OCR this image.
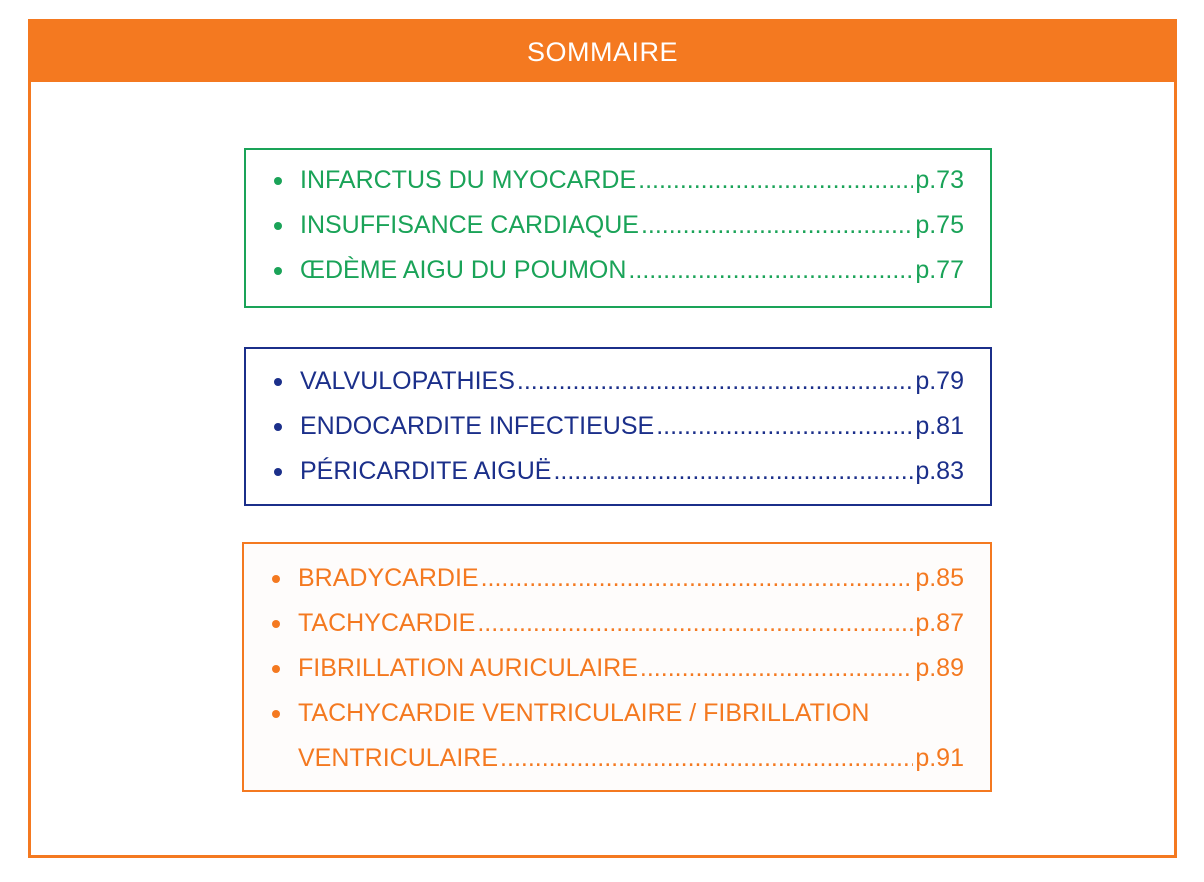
SOMMAIRE
INFARCTUS DU MYOCARDE .....	p.73
INSUFFISANCE CARDIAQUE .....	p.75
ŒDÈME AIGU DU POUMON .....	p.77
VALVULOPATHIES .....	p.79
ENDOCARDITE INFECTIEUSE .....	p.81
PÉRICARDITE AIGUË .....	p.83
BRADYCARDIE .....	p.85
TACHYCARDIE .....	p.87
FIBRILLATION AURICULAIRE .....	p.89
TACHYCARDIE VENTRICULAIRE / FIBRILLATION
VENTRICULAIRE .....	p.91
